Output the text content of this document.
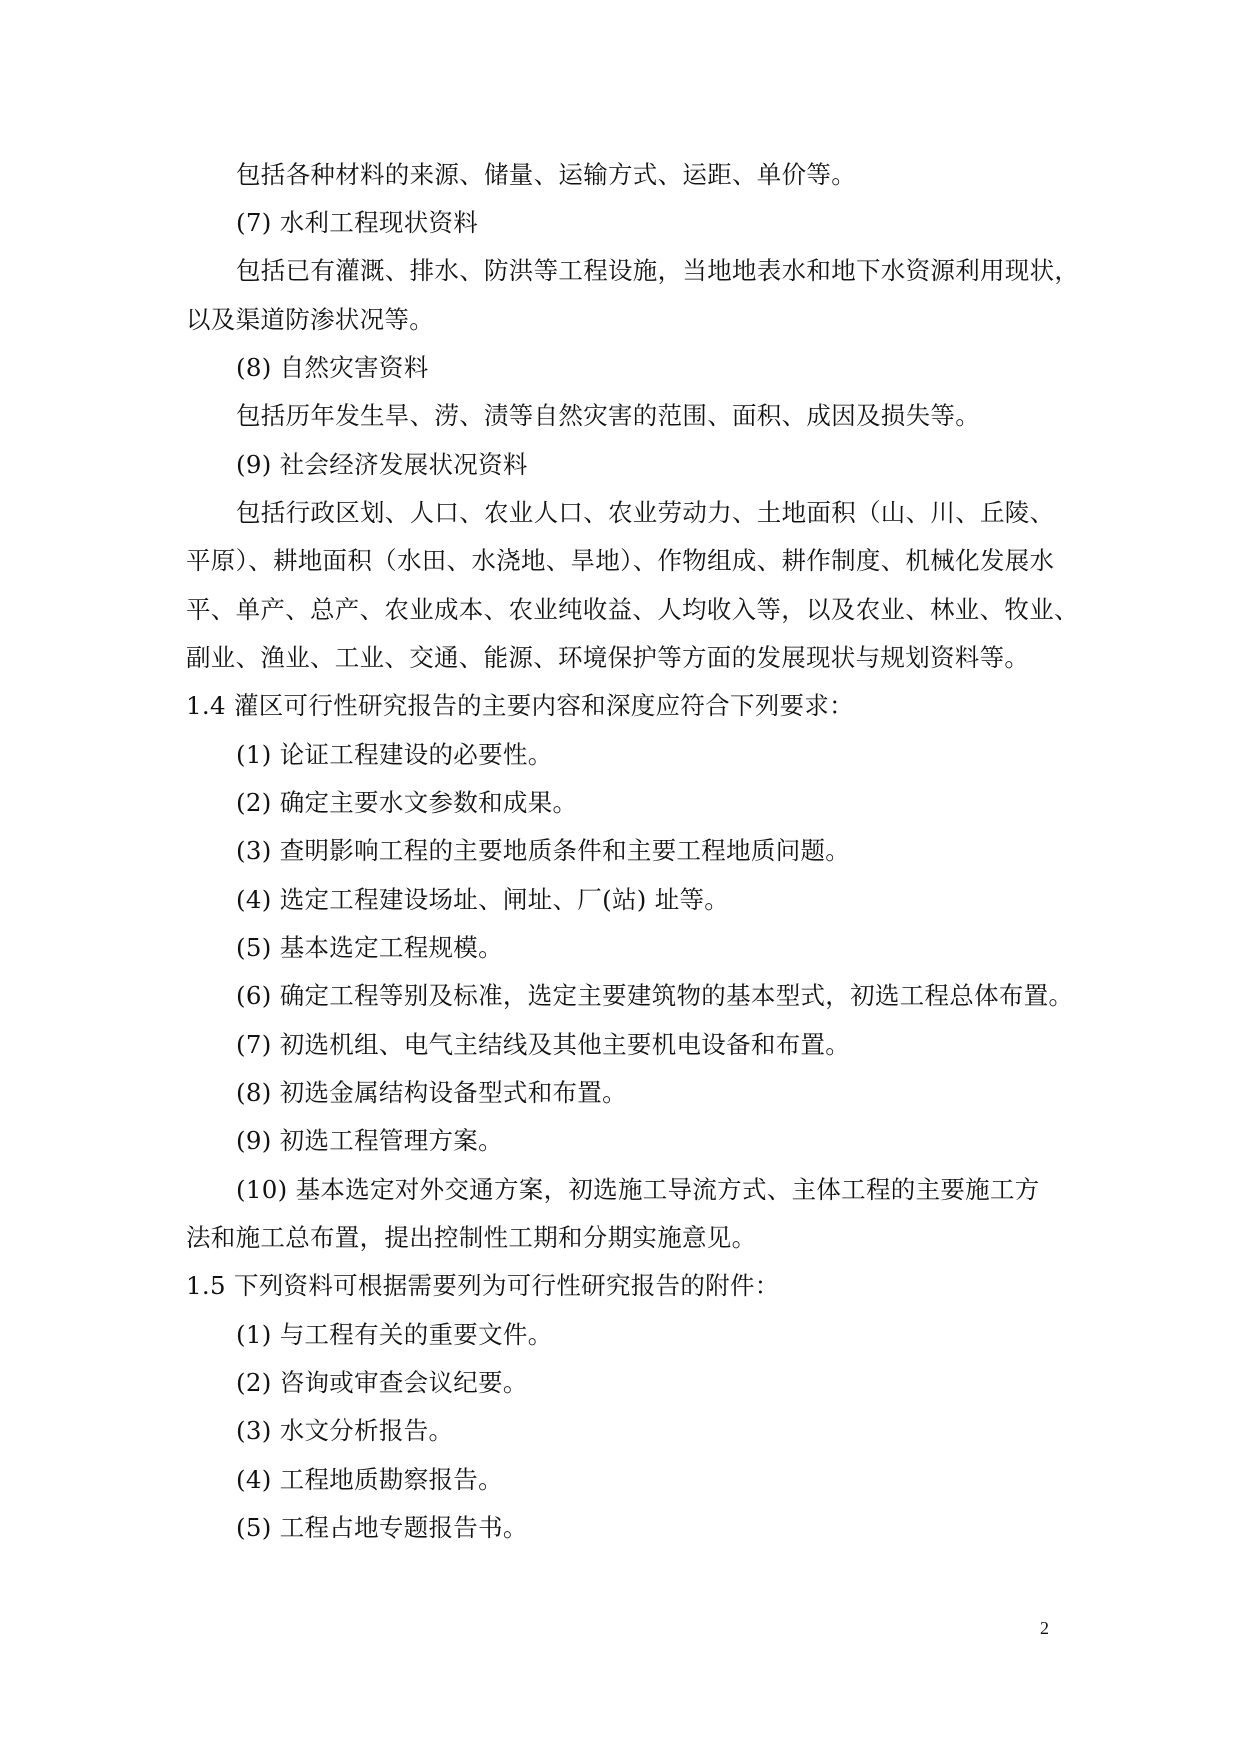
包括各种材料的来源、储量、运输方式、运距、单价等。
(7) 水利工程现状资料
包括已有灌溉、排水、防洪等工程设施，当地地表水和地下水资源利用现状，
以及渠道防渗状况等。
(8) 自然灾害资料
包括历年发生旱、涝、渍等自然灾害的范围、面积、成因及损失等。
(9) 社会经济发展状况资料
包括行政区划、人口、农业人口、农业劳动力、土地面积（山、川、丘陵、
平原）、耕地面积（水田、水浇地、旱地）、作物组成、耕作制度、机械化发展水
平、单产、总产、农业成本、农业纯收益、人均收入等，以及农业、林业、牧业、
副业、渔业、工业、交通、能源、环境保护等方面的发展现状与规划资料等。
1.4 灌区可行性研究报告的主要内容和深度应符合下列要求：
(1) 论证工程建设的必要性。
(2) 确定主要水文参数和成果。
(3) 查明影响工程的主要地质条件和主要工程地质问题。
(4) 选定工程建设场址、闸址、厂(站) 址等。
(5) 基本选定工程规模。
(6) 确定工程等别及标准，选定主要建筑物的基本型式，初选工程总体布置。
(7) 初选机组、电气主结线及其他主要机电设备和布置。
(8) 初选金属结构设备型式和布置。
(9) 初选工程管理方案。
(10) 基本选定对外交通方案，初选施工导流方式、主体工程的主要施工方
法和施工总布置，提出控制性工期和分期实施意见。
1.5 下列资料可根据需要列为可行性研究报告的附件：
(1) 与工程有关的重要文件。
(2) 咨询或审查会议纪要。
(3) 水文分析报告。
(4) 工程地质勘察报告。
(5) 工程占地专题报告书。
2
